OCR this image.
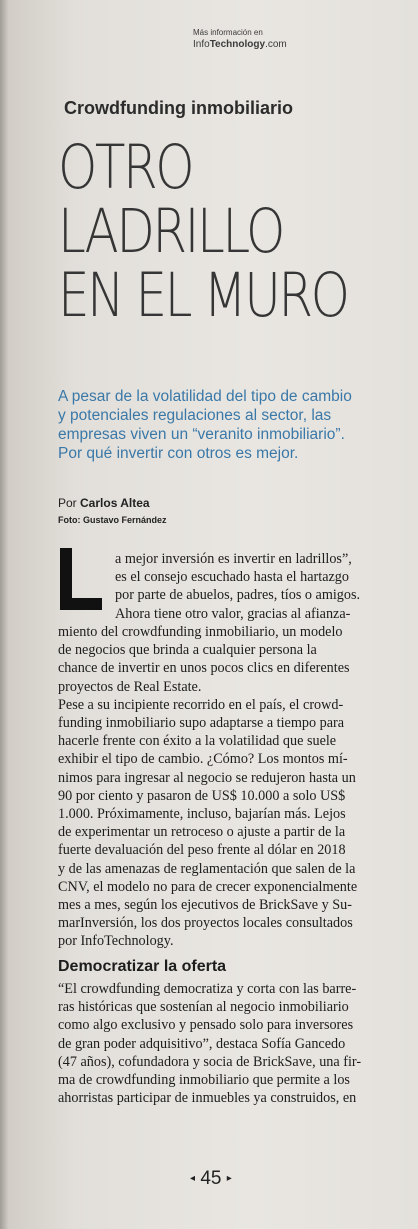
Más información en
InfoTechnology.com
Crowdfunding inmobiliario
OTRO
LADRILLO
EN EL MURO
A pesar de la volatilidad del tipo de cambio
y potenciales regulaciones al sector, las
empresas viven un “veranito inmobiliario”.
Por qué invertir con otros es mejor.
Por Carlos Altea
Foto: Gustavo Fernández
a mejor inversión es invertir en ladrillos”,
es el consejo escuchado hasta el hartazgo
por parte de abuelos, padres, tíos o amigos.
Ahora tiene otro valor, gracias al afianza-
miento del crowdfunding inmobiliario, un modelo
de negocios que brinda a cualquier persona la
chance de invertir en unos pocos clics en diferentes
proyectos de Real Estate.
Pese a su incipiente recorrido en el país, el crowd-
funding inmobiliario supo adaptarse a tiempo para
hacerle frente con éxito a la volatilidad que suele
exhibir el tipo de cambio. ¿Cómo? Los montos mí-
nimos para ingresar al negocio se redujeron hasta un
90 por ciento y pasaron de US$ 10.000 a solo US$
1.000. Próximamente, incluso, bajarían más. Lejos
de experimentar un retroceso o ajuste a partir de la
fuerte devaluación del peso frente al dólar en 2018
y de las amenazas de reglamentación que salen de la
CNV, el modelo no para de crecer exponencialmente
mes a mes, según los ejecutivos de BrickSave y Su-
marInversión, los dos proyectos locales consultados
por InfoTechnology.
Democratizar la oferta
“El crowdfunding democratiza y corta con las barre-
ras históricas que sostenían al negocio inmobiliario
como algo exclusivo y pensado solo para inversores
de gran poder adquisitivo”, destaca Sofía Gancedo
(47 años), cofundadora y socia de BrickSave, una fir-
ma de crowdfunding inmobiliario que permite a los
ahorristas participar de inmuebles ya construidos, en
◂ 45 ▸
